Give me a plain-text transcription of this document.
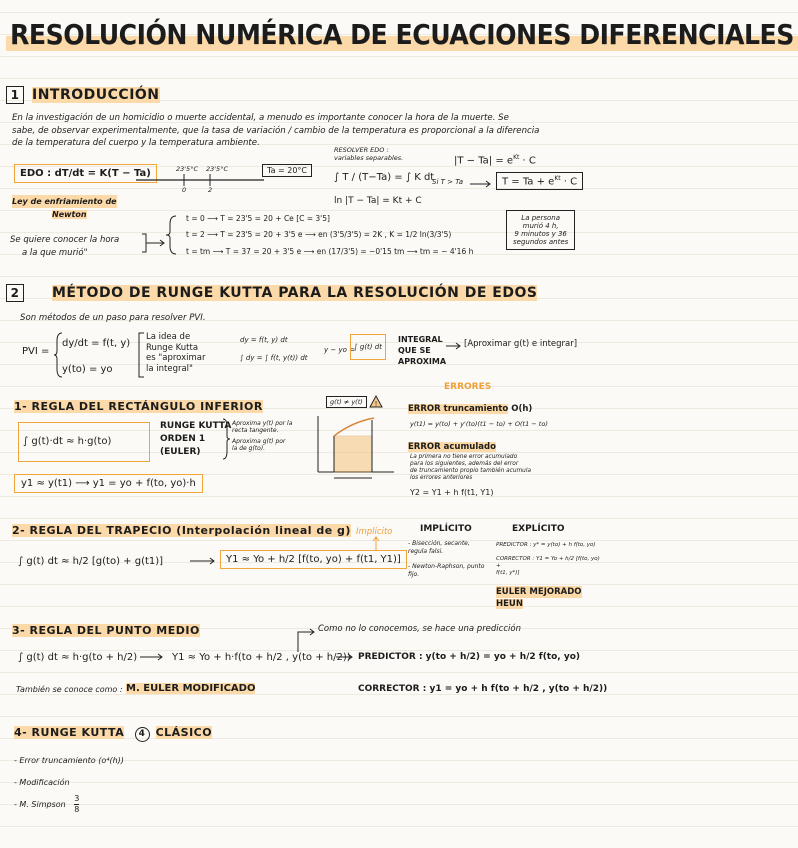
RESOLUCIÓN NUMÉRICA DE ECUACIONES DIFERENCIALES
1 INTRODUCCIÓN
En la investigación de un homicidio o muerte accidental, a menudo es importante conocer la hora de la muerte. Se
sabe, de observar experimentalmente, que la tasa de variación / cambio de la temperatura es proporcional a la diferencia
de la temperatura del cuerpo y la temperatura ambiente.
EDO : dT/dt = K(T − Ta)
Ley de enfriamiento de
Newton
23'5°C 23'5°C
0	2
Ta = 20°C
RESOLVER EDO :
variables separables.
∫ T / (T−Ta) = ∫ K dt
ln |T − Ta| = Kt + C
$|T - Ta| = e^{Kt} \cdot C$
Si T > Ta	$T = Ta + e^{Kt} \cdot C$
Se quiere conocer la hora
a la que murió"
t = 0 ⟶ T = 23'5 = 20 + Ce [C = 3'5]
t = 2 ⟶ T = 23'5 = 20 + 3'5 e ⟶ en (3'5/3'5) = 2K , K = 1/2 ln(3/3'5)
t = tm ⟶ T = 37 = 20 + 3'5 e ⟶ en (17/3'5) = −0'15 tm ⟶ tm = − 4'16 h
La persona
murió 4 h,
9 minutos y 36
segundos antes
2 MÉTODO DE RUNGE KUTTA PARA LA RESOLUCIÓN DE EDOS
Son métodos de un paso para resolver PVI.
PVI =
dy/dt = f(t, y)
y(to) = yo
La idea de
Runge Kutta
es "aproximar
la integral"
dy = f(t, y) dt
∫ dy = ∫ f(t, y(t)) dt
y − yo = ∫ g(t) dt
INTEGRAL
QUE SE
APROXIMA
[Aproximar g(t) e integrar]
ERRORES
1- REGLA DEL RECTÁNGULO INFERIOR
∫ g(t)·dt ≈ h·g(to)
RUNGE KUTTA
ORDEN 1
(EULER)
Aproxima y(t) por la
recta tangente.
Aproxima g(t) por
la de g(to).
g(t) ≠ y(t)	!
y1 ≈ y(t1) ⟶ y1 = yo + f(to, yo)·h
ERROR truncamiento O(h)
y(t1) = y(to) + y'(to)(t1 − to) + O(t1 − to)
ERROR acumulado
La primera no tiene error acumulado
para los siguientes, además del error
de truncamiento propio también acumula
los errores anteriores
Y2 = Y1 + h f(t1, Y1)
2- REGLA DEL TRAPECIO (Interpolación lineal de g)
∫ g(t) dt ≈ h/2 [g(to) + g(t1)]	Y1 ≈ Yo + h/2 [f(to, yo) + f(t1, Y1)]
Implícito	IMPLÍCITO	EXPLÍCITO
- Bisección, secante,
regula falsi.
- Newton-Raphson, punto
fijo.
PREDICTOR : y* = y(to) + h f(to, yo)
CORRECTOR : Y1 = Yo + h/2 [f(to, yo) +
f(t1, y*)]
EULER MEJORADO
HEUN
3- REGLA DEL PUNTO MEDIO	Como no lo conocemos, se hace una predicción
∫ g(t) dt ≈ h·g(to + h/2)	Y1 ≈ Yo + h·f(to + h/2 , y(to + h/2)) PREDICTOR : y(to + h/2) = yo + h/2 f(to, yo)
CORRECTOR : y1 = yo + h f(to + h/2 , y(to + h/2))
También se conoce como : M. EULER MODIFICADO
4- RUNGE KUTTA 4 CLÁSICO
- Error truncamiento (o⁴(h))
- Modificación
- M. Simpson $\frac{3}{8}$
